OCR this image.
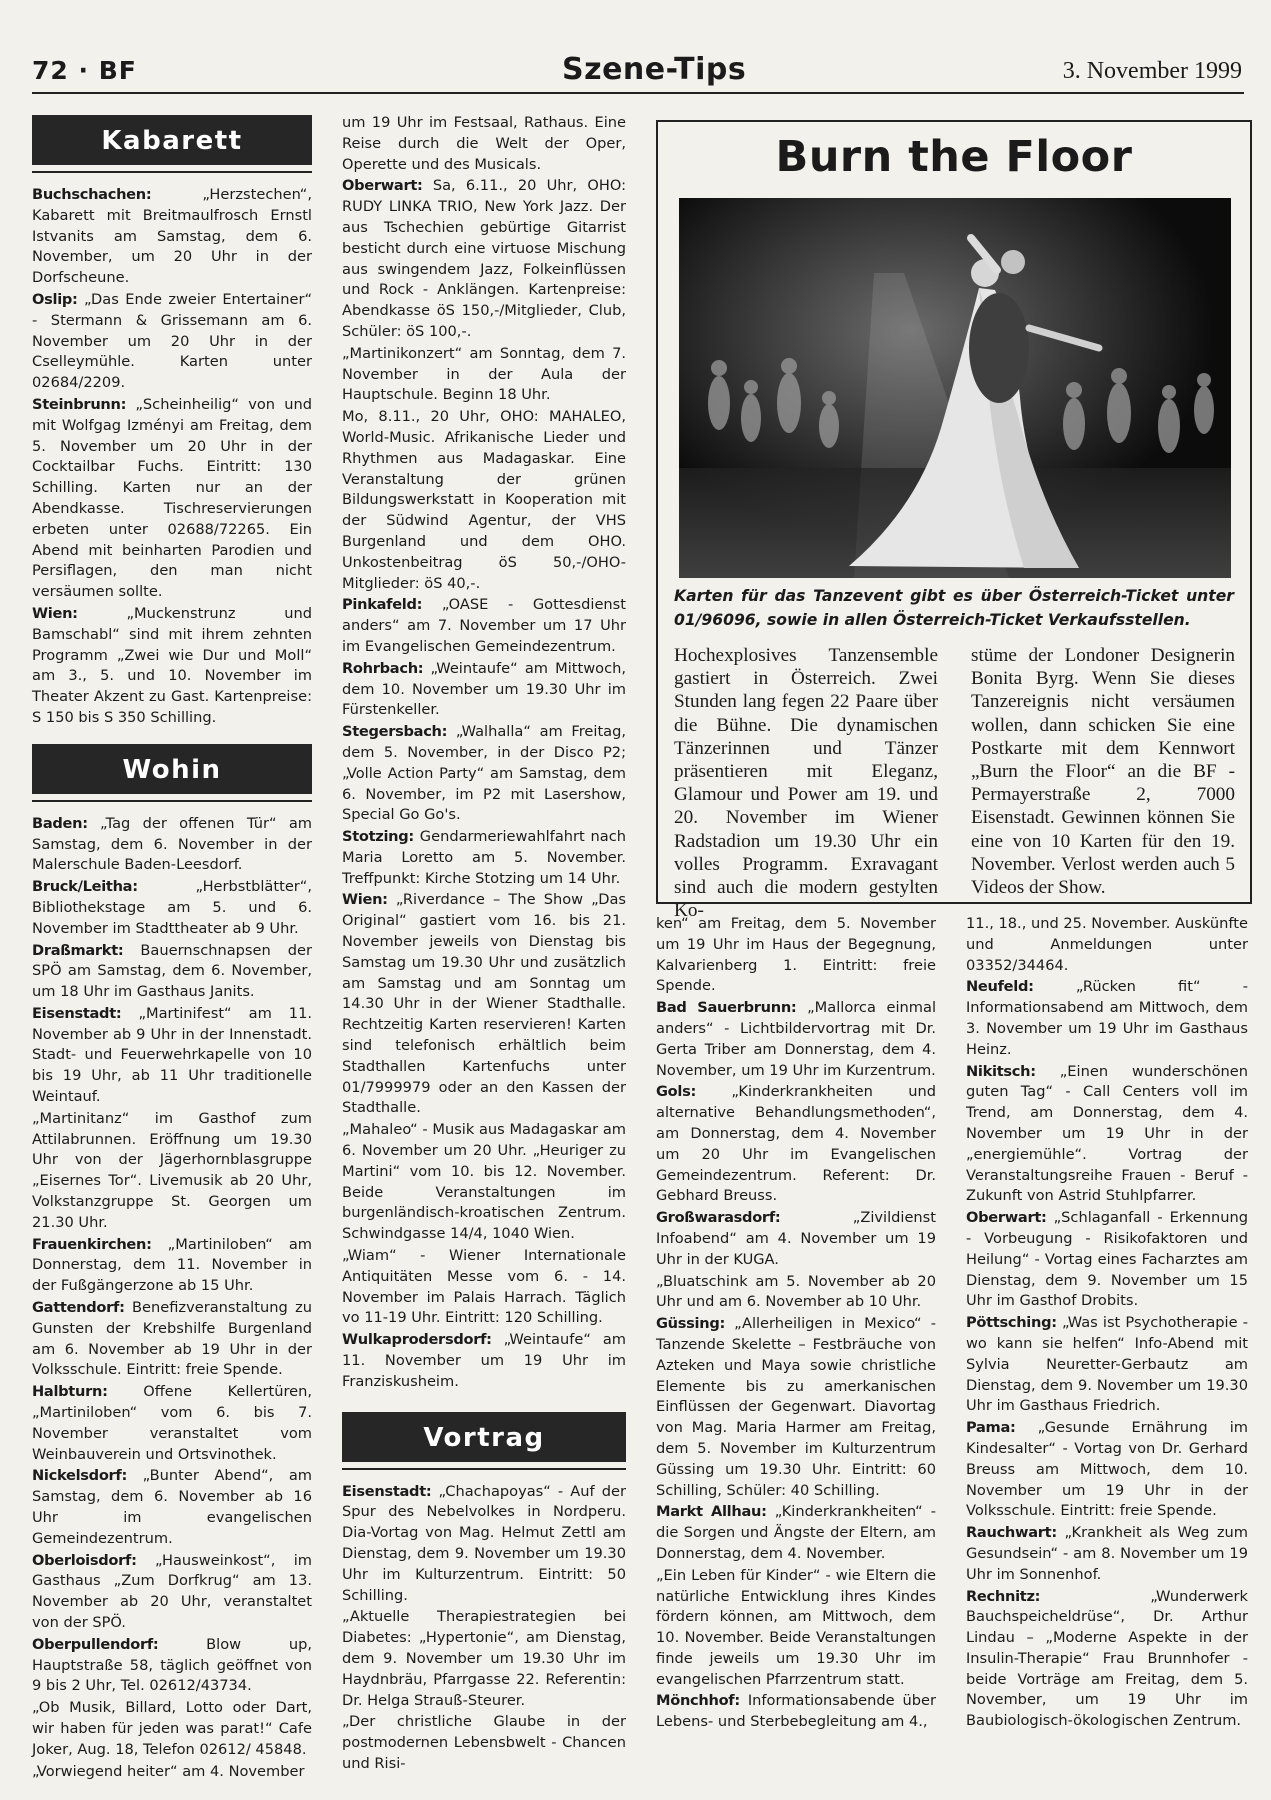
72 · BF	Szene-Tips	3. November 1999
Kabarett

Buchschachen:	„Herzstechen“, Kabarett mit Breitmaulfrosch Ernstl Istvanits am Samstag, dem 6. November, um 20 Uhr in der Dorfscheune.

Oslip: „Das Ende zweier Entertainer“ - Stermann & Grissemann am 6. November um 20 Uhr in der Cselleymühle. Karten unter 02684/2209.

Steinbrunn: „Scheinheilig“ von und mit Wolfgag Izményi am Freitag, dem 5. November um 20 Uhr in der Cocktailbar Fuchs. Eintritt: 130 Schilling. Karten nur an der Abendkasse. Tischreservierungen erbeten unter 02688/72265. Ein Abend mit beinharten Parodien und Persiflagen, den man nicht versäumen sollte.

Wien:	„Muckenstrunz und Bamschabl“ sind mit ihrem zehnten Programm „Zwei wie Dur und Moll“ am 3., 5. und 10. November im Theater Akzent zu Gast. Kartenpreise: S 150 bis S 350 Schilling.

Wohin

Baden: „Tag der offenen Tür“ am Samstag, dem 6. November in der Malerschule Baden-Leesdorf.

Bruck/Leitha:	„Herbstblätter“, Bibliothekstage am 5. und 6. November im Stadttheater ab 9 Uhr.

Draßmarkt: Bauernschnapsen der SPÖ am Samstag, dem 6. November, um 18 Uhr im Gasthaus Janits.

Eisenstadt: „Martinifest“ am 11. November ab 9 Uhr in der Innenstadt. Stadt- und Feuerwehrkapelle von 10 bis 19 Uhr, ab 11 Uhr traditionelle Weintauf.

„Martinitanz“ im Gasthof zum Attilabrunnen. Eröffnung um 19.30 Uhr von der Jägerhornblasgruppe „Eisernes Tor“. Livemusik ab 20 Uhr, Volkstanzgruppe St. Georgen um 21.30 Uhr.

Frauenkirchen: „Martiniloben“ am Donnerstag, dem 11. November in der Fußgängerzone ab 15 Uhr.

Gattendorf: Benefizveranstaltung zu Gunsten der Krebshilfe Burgenland am 6. November ab 19 Uhr in der Volksschule. Eintritt: freie Spende.

Halbturn: Offene Kellertüren, „Martiniloben“ vom 6. bis 7. November veranstaltet vom Weinbauverein und Ortsvinothek.

Nickelsdorf: „Bunter Abend“, am Samstag, dem 6. November ab 16 Uhr im evangelischen Gemeindezentrum.

Oberloisdorf: „Hausweinkost“, im Gasthaus „Zum Dorfkrug“ am 13. November ab 20 Uhr, veranstaltet von der SPÖ.

Oberpullendorf:	Blow up, Hauptstraße 58, täglich geöffnet von 9 bis 2 Uhr, Tel. 02612/43734.

„Ob Musik, Billard, Lotto oder Dart, wir haben für jeden was parat!“ Cafe Joker, Aug. 18, Telefon 02612/ 45848.

„Vorwiegend heiter“ am 4. November

um 19 Uhr im Festsaal, Rathaus. Eine Reise durch die Welt der Oper, Operette und des Musicals.

Oberwart: Sa, 6.11., 20 Uhr, OHO: RUDY LINKA TRIO, New York Jazz. Der aus Tschechien gebürtige Gitarrist besticht durch eine virtuose Mischung aus swingendem Jazz, Folkeinflüssen und Rock - Anklängen. Kartenpreise: Abendkasse öS 150,-/Mitglieder, Club, Schüler: öS 100,-.

„Martinikonzert“ am Sonntag, dem 7. November in der Aula der Hauptschule. Beginn 18 Uhr.

Mo, 8.11., 20 Uhr, OHO: MAHALEO, World-Music. Afrikanische Lieder und Rhythmen aus Madagaskar. Eine Veranstaltung der grünen Bildungswerkstatt in Kooperation mit der Südwind Agentur, der VHS Burgenland und dem OHO. Unkostenbeitrag öS 50,-/OHO-Mitglieder: öS 40,-.

Pinkafeld: „OASE - Gottesdienst anders“ am 7. November um 17 Uhr im Evangelischen Gemeindezentrum.

Rohrbach: „Weintaufe“ am Mittwoch, dem 10. November um 19.30 Uhr im Fürstenkeller.

Stegersbach: „Walhalla“ am Freitag, dem 5. November, in der Disco P2; „Volle Action Party“ am Samstag, dem 6. November, im P2 mit Lasershow, Special Go Go's.

Stotzing: Gendarmeriewahlfahrt nach Maria Loretto am 5. November. Treffpunkt: Kirche Stotzing um 14 Uhr.

Wien: „Riverdance – The Show „Das Original“ gastiert vom 16. bis 21. November jeweils von Dienstag bis Samstag um 19.30 Uhr und zusätzlich am Samstag und am Sonntag um 14.30 Uhr in der Wiener Stadthalle. Rechtzeitig Karten reservieren! Karten sind telefonisch erhältlich beim Stadthallen Kartenfuchs unter 01/7999979 oder an den Kassen der Stadthalle.

„Mahaleo“ - Musik aus Madagaskar am 6. November um 20 Uhr. „Heuriger zu Martini“ vom 10. bis 12. November. Beide Veranstaltungen im burgenländisch-kroatischen Zentrum. Schwindgasse 14/4, 1040 Wien.

„Wiam“ - Wiener Internationale Antiquitäten Messe vom 6. - 14. November im Palais Harrach. Täglich vo 11-19 Uhr. Eintritt: 120 Schilling.

Wulkaprodersdorf: „Weintaufe“ am 11. November um 19 Uhr im Franziskusheim.

Vortrag

Eisenstadt: „Chachapoyas“ - Auf der Spur des Nebelvolkes in Nordperu. Dia-Vortag von Mag. Helmut Zettl am Dienstag, dem 9. November um 19.30 Uhr im Kulturzentrum. Eintritt: 50 Schilling.

„Aktuelle Therapiestrategien bei Diabetes: „Hypertonie“, am Dienstag, dem 9. November um 19.30 Uhr im Haydnbräu, Pfarrgasse 22. Referentin: Dr. Helga Strauß-Steurer.

„Der christliche Glaube in der postmodernen Lebensbwelt - Chancen und Risi-

Burn the Floor
Karten für das Tanzevent gibt es über Österreich-Ticket unter 01/96096, sowie in allen Österreich-Ticket Verkaufsstellen.

Hochexplosives Tanzensemble gastiert in Österreich. Zwei Stunden lang fegen 22 Paare über die Bühne. Die dynamischen Tänzerinnen und Tänzer präsentieren mit Eleganz, Glamour und Power am 19. und 20. November im Wiener Radstadion um 19.30 Uhr ein volles Programm. Exravagant sind auch die modern gestylten Ko-

stüme der Londoner Designerin Bonita Byrg. Wenn Sie dieses Tanzereignis nicht versäumen wollen, dann schicken Sie eine Postkarte mit dem Kennwort „Burn the Floor“ an die BF - Permayerstraße 2, 7000 Eisenstadt. Gewinnen können Sie eine von 10 Karten für den 19. November. Verlost werden auch 5 Videos der Show.

ken“ am Freitag, dem 5. November um 19 Uhr im Haus der Begegnung, Kalvarienberg 1. Eintritt: freie Spende.

Bad Sauerbrunn: „Mallorca einmal anders“ - Lichtbildervortrag mit Dr. Gerta Triber am Donnerstag, dem 4. November, um 19 Uhr im Kurzentrum.

Gols: „Kinderkrankheiten und alternative Behandlungsmethoden“, am Donnerstag, dem 4. November um 20 Uhr im Evangelischen Gemeindezentrum. Referent: Dr. Gebhard Breuss.

Großwarasdorf:	„Zivildienst Infoabend“ am 4. November um 19 Uhr in der KUGA.

„Bluatschink am 5. November ab 20 Uhr und am 6. November ab 10 Uhr.

Güssing: „Allerheiligen in Mexico“ - Tanzende Skelette – Festbräuche von Azteken und Maya sowie christliche Elemente bis zu amerkanischen Einflüssen der Gegenwart. Diavortag von Mag. Maria Harmer am Freitag, dem 5. November im Kulturzentrum Güssing um 19.30 Uhr. Eintritt: 60 Schilling, Schüler: 40 Schilling.

Markt Allhau: „Kinderkrankheiten“ - die Sorgen und Ängste der Eltern, am Donnerstag, dem 4. November.

„Ein Leben für Kinder“ - wie Eltern die natürliche Entwicklung ihres Kindes fördern können, am Mittwoch, dem 10. November. Beide Veranstaltungen finde jeweils um 19.30 Uhr im evangelischen Pfarrzentrum statt.

Mönchhof: Informationsabende über Lebens- und Sterbebegleitung am 4.,

11., 18., und 25. November. Auskünfte und Anmeldungen unter 03352/34464.

Neufeld:	„Rücken fit“ - Informationsabend am Mittwoch, dem 3. November um 19 Uhr im Gasthaus Heinz.

Nikitsch: „Einen wunderschönen guten Tag“ - Call Centers voll im Trend, am Donnerstag, dem 4. November um 19 Uhr in der „energiemühle“. Vortrag der Veranstaltungsreihe Frauen - Beruf - Zukunft von Astrid Stuhlpfarrer.

Oberwart: „Schlaganfall - Erkennung - Vorbeugung - Risikofaktoren und Heilung“ - Vortag eines Facharztes am Dienstag, dem 9. November um 15 Uhr im Gasthof Drobits.

Pöttsching: „Was ist Psychotherapie - wo kann sie helfen“ Info-Abend mit Sylvia Neuretter-Gerbautz am Dienstag, dem 9. November um 19.30 Uhr im Gasthaus Friedrich.

Pama: „Gesunde Ernährung im Kindesalter“ - Vortag von Dr. Gerhard Breuss am Mittwoch, dem 10. November um 19 Uhr in der Volksschule. Eintritt: freie Spende.

Rauchwart: „Krankheit als Weg zum Gesundsein“ - am 8. November um 19 Uhr im Sonnenhof.

Rechnitz:	„Wunderwerk Bauchspeicheldrüse“, Dr. Arthur Lindau – „Moderne Aspekte in der Insulin-Therapie“ Frau Brunnhofer - beide Vorträge am Freitag, dem 5. November, um 19 Uhr im Baubiologisch-ökologischen Zentrum.
